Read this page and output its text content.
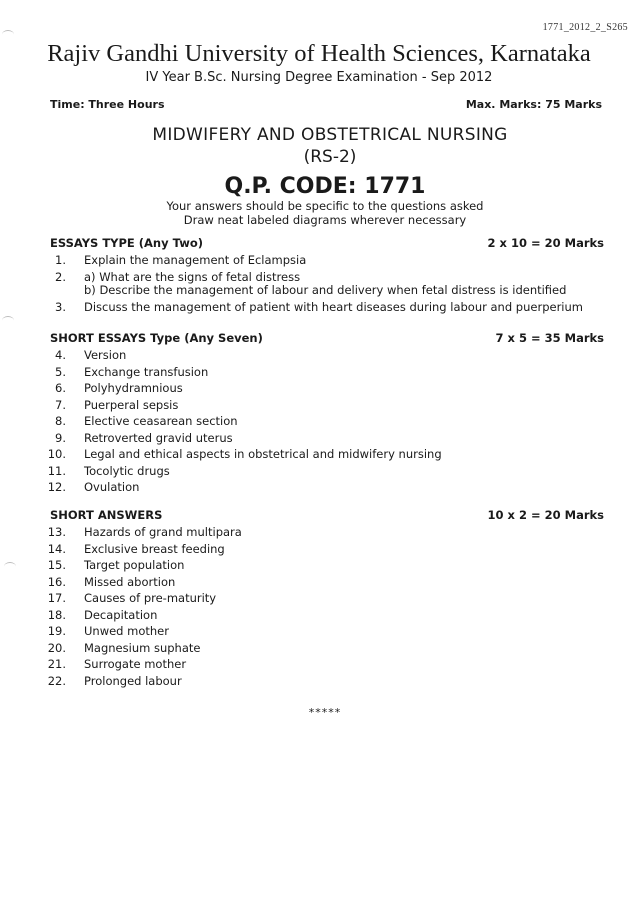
1771_2012_2_S265
Rajiv Gandhi University of Health Sciences, Karnataka
IV Year B.Sc. Nursing Degree Examination - Sep 2012
Time: Three Hours	Max. Marks: 75 Marks
MIDWIFERY AND OBSTETRICAL NURSING
(RS-2)
Q.P. CODE: 1771
Your answers should be specific to the questions asked
Draw neat labeled diagrams wherever necessary
ESSAYS TYPE (Any Two)	2 x 10 = 20 Marks
1. Explain the management of Eclampsia
2. a) What are the signs of fetal distress
b) Describe the management of labour and delivery when fetal distress is identified
3. Discuss the management of patient with heart diseases during labour and puerperium
SHORT ESSAYS Type (Any Seven)	7 x 5 = 35 Marks
4. Version
5. Exchange transfusion
6. Polyhydramnious
7. Puerperal sepsis
8. Elective ceasarean section
9. Retroverted gravid uterus
10. Legal and ethical aspects in obstetrical and midwifery nursing
11. Tocolytic drugs
12. Ovulation
SHORT ANSWERS	10 x 2 = 20 Marks
13. Hazards of grand multipara
14. Exclusive breast feeding
15. Target population
16. Missed abortion
17. Causes of pre-maturity
18. Decapitation
19. Unwed mother
20. Magnesium suphate
21. Surrogate mother
22. Prolonged labour
*****
